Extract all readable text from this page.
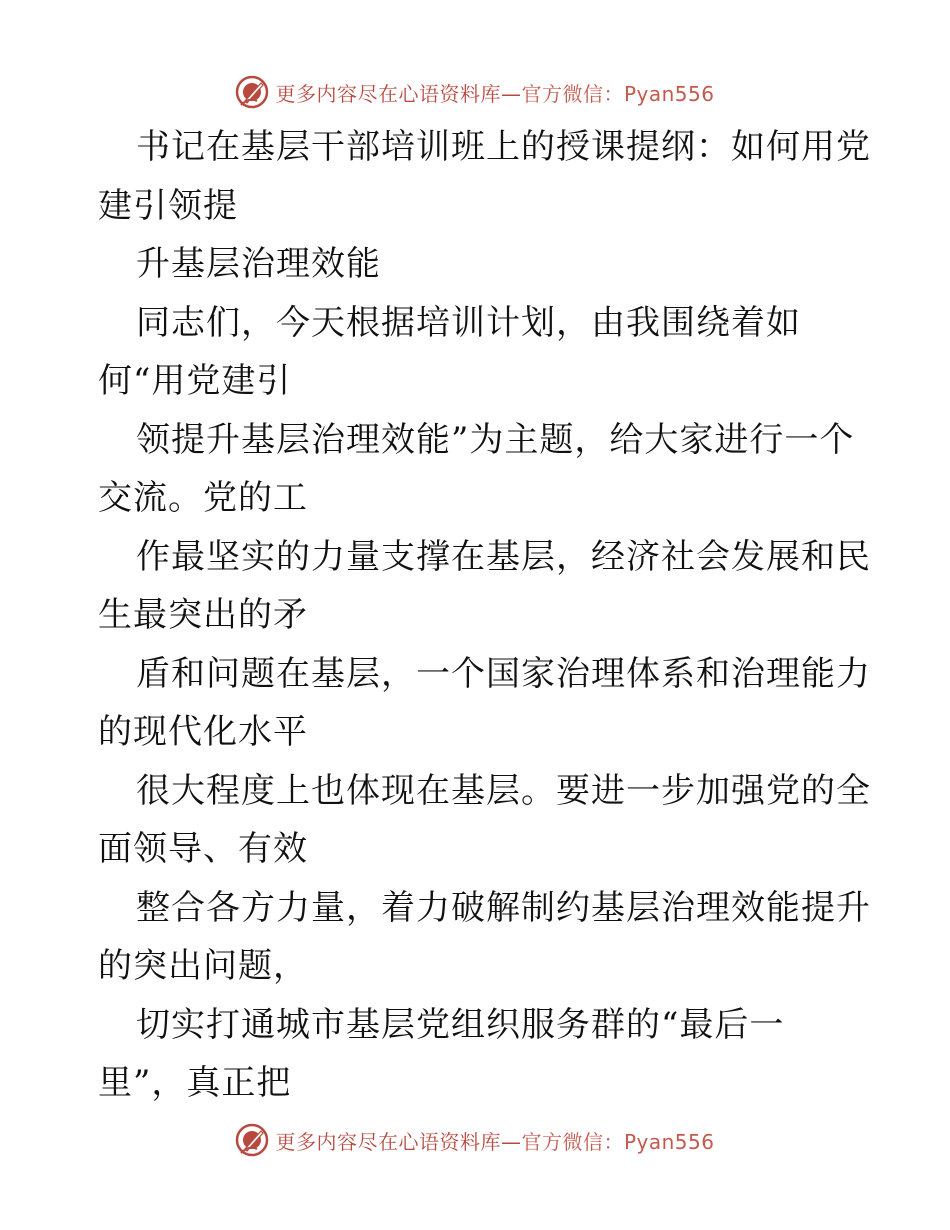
更多内容尽在心语资料库—官方微信：Pyan556
书记在基层干部培训班上的授课提纲：如何用党
建引领提
升基层治理效能
同志们，今天根据培训计划，由我围绕着如
何“用党建引
领提升基层治理效能”为主题，给大家进行一个
交流。党的工
作最坚实的力量支撑在基层，经济社会发展和民
生最突出的矛
盾和问题在基层，一个国家治理体系和治理能力
的现代化水平
很大程度上也体现在基层。要进一步加强党的全
面领导、有效
整合各方力量，着力破解制约基层治理效能提升
的突出问题，
切实打通城市基层党组织服务群的“最后一
里”，真正把
更多内容尽在心语资料库—官方微信：Pyan556
